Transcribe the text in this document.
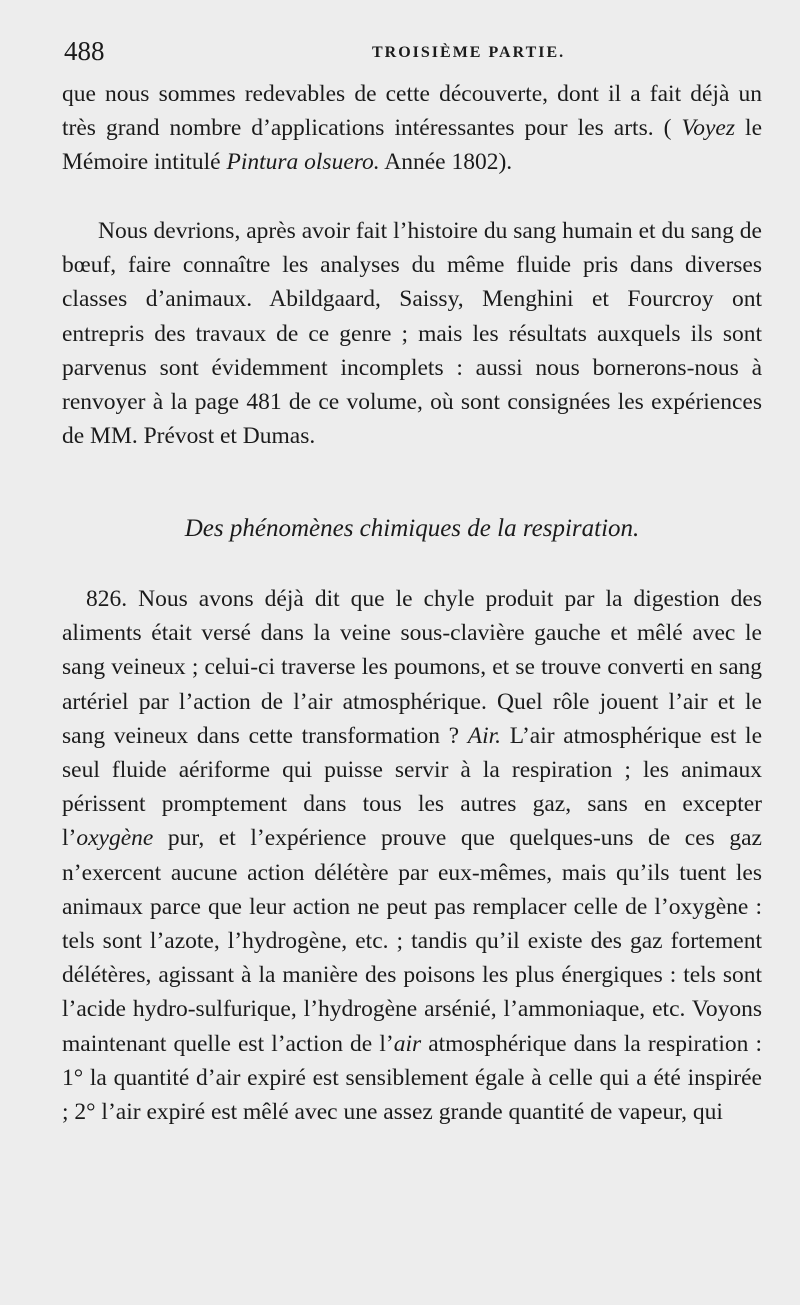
488	TROISIÈME PARTIE.

que nous sommes redevables de cette découverte, dont il a fait déjà un très grand nombre d’applications intéressantes pour les arts. ( Voyez le Mémoire intitulé Pintura olsuero. Année 1802).

Nous devrions, après avoir fait l’histoire du sang humain et du sang de bœuf, faire connaître les analyses du même fluide pris dans diverses classes d’animaux. Abildgaard, Saissy, Menghini et Fourcroy ont entrepris des travaux de ce genre ; mais les résultats auxquels ils sont parvenus sont évidemment incomplets : aussi nous bornerons-nous à renvoyer à la page 481 de ce volume, où sont consignées les expériences de MM. Prévost et Dumas.

Des phénomènes chimiques de la respiration.

826. Nous avons déjà dit que le chyle produit par la digestion des aliments était versé dans la veine sous-clavière gauche et mêlé avec le sang veineux ; celui-ci traverse les poumons, et se trouve converti en sang artériel par l’action de l’air atmosphérique. Quel rôle jouent l’air et le sang veineux dans cette transformation ? Air. L’air atmosphérique est le seul fluide aériforme qui puisse servir à la respiration ; les animaux périssent promptement dans tous les autres gaz, sans en excepter l’oxygène pur, et l’expérience prouve que quelques-uns de ces gaz n’exercent aucune action délétère par eux-mêmes, mais qu’ils tuent les animaux parce que leur action ne peut pas remplacer celle de l’oxygène : tels sont l’azote, l’hydrogène, etc. ; tandis qu’il existe des gaz fortement délétères, agissant à la manière des poisons les plus énergiques : tels sont l’acide hydro-sulfurique, l’hydrogène arsénié, l’ammoniaque, etc. Voyons maintenant quelle est l’action de l’air atmosphérique dans la respiration : 1° la quantité d’air expiré est sensiblement égale à celle qui a été inspirée ; 2° l’air expiré est mêlé avec une assez grande quantité de vapeur, qui
